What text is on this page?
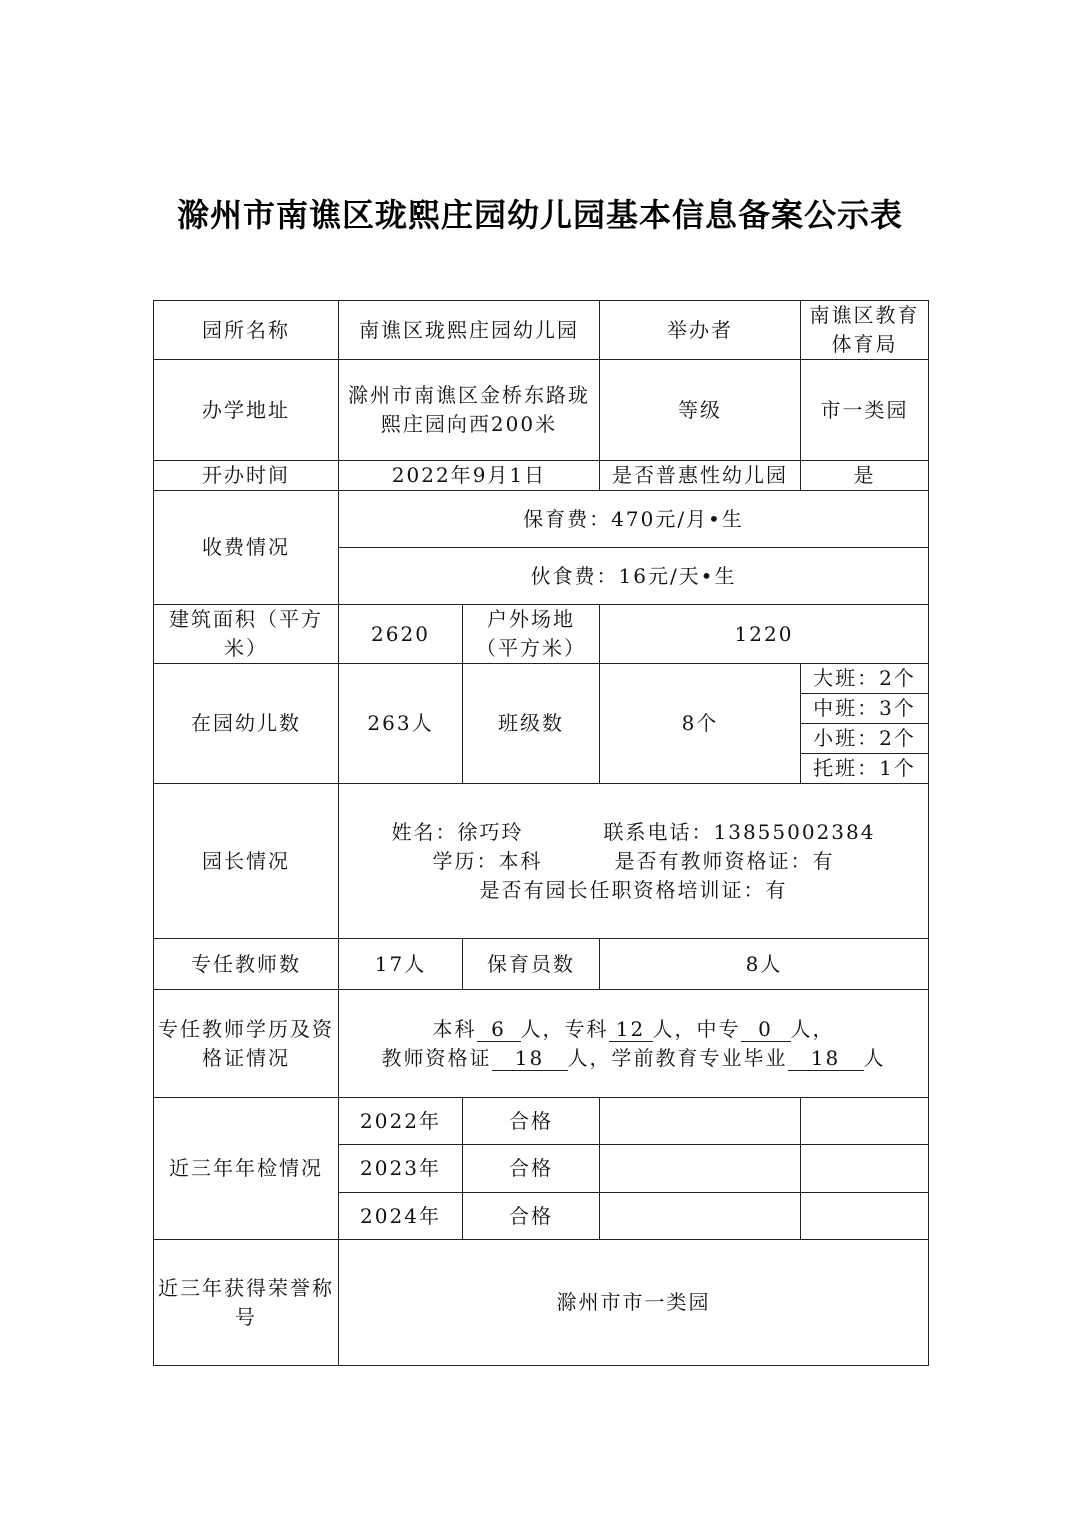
滁州市南谯区珑熙庄园幼儿园基本信息备案公示表
园所名称	南谯区珑熙庄园幼儿园		举办者	南谯区教育体育局
办学地址	滁州市南谯区金桥东路珑熙庄园向西200米		等级	市一类园
开办时间	2022年9月1日		是否普惠性幼儿园	是
收费情况	保育费：470元/月•生			
	伙食费：16元/天•生			
建筑面积（平方米）	2620	户外场地（平方米）	1220	
在园幼儿数	263人	班级数	8个	大班：2个
				中班：3个
				小班：2个
				托班：1个
园长情况	姓名：徐巧玲 联系电话：13855002384

学历：本科 是否有教师资格证：有

是否有园长任职资格培训证：有			

专任教师数	17人	保育员数	8人	
专任教师学历及资格证情况	本科 6 人，专科 12 人，中专 0 人，

教师资格证 18 人，学前教育专业毕业 18 人			

近三年年检情况	2022年	合格		
	2023年	合格		
	2024年	合格		
近三年获得荣誉称号	滁州市市一类园			
